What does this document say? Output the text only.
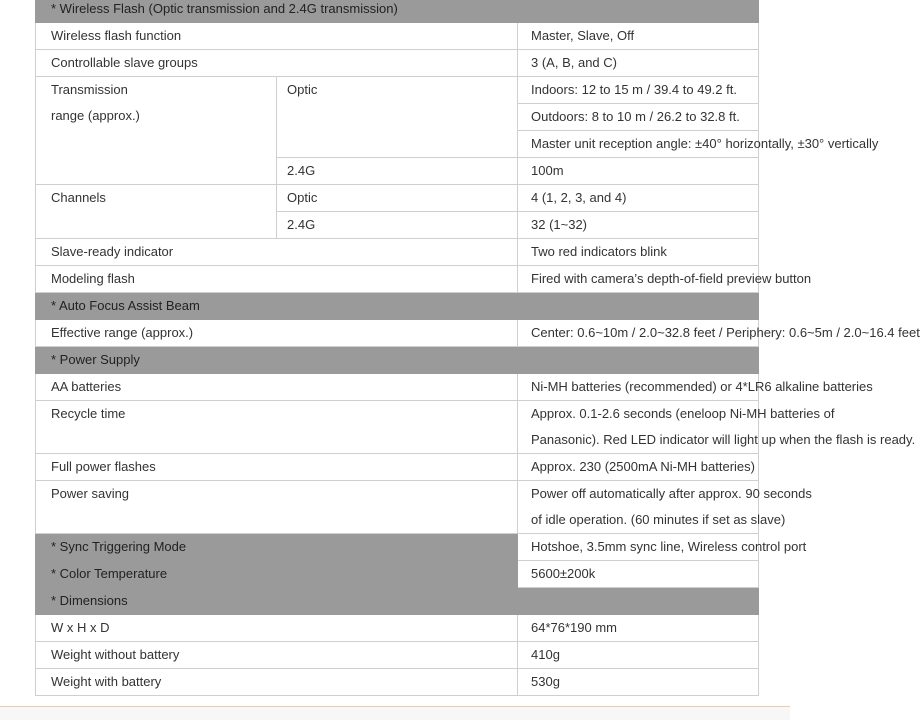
* Wireless Flash (Optic transmission and 2.4G transmission)		
Wireless flash function		Master, Slave, Off
Controllable slave groups		3 (A, B, and C)

Transmission
range (approx.)	Optic	Indoors: 12 to 15 m / 39.4 to 49.2 ft.
		Outdoors: 8 to 10 m / 26.2 to 32.8 ft.
		Master unit reception angle: ±40° horizontally, ±30° vertically
	2.4G	100m
Channels	Optic	4 (1, 2, 3, and 4)
	2.4G	32 (1~32)
Slave-ready indicator		Two red indicators blink
Modeling flash		Fired with camera’s depth-of-field preview button
* Auto Focus Assist Beam		
Effective range (approx.)		Center: 0.6~10m / 2.0~32.8 feet / Periphery: 0.6~5m / 2.0~16.4 feet
* Power Supply		
AA batteries		Ni-MH batteries (recommended) or 4*LR6 alkaline batteries
Recycle time		Approx. 0.1-2.6 seconds (eneloop Ni-MH batteries of
		Panasonic). Red LED indicator will light up when the flash is ready.
Full power flashes		Approx. 230 (2500mA Ni-MH batteries)
Power saving		Power off automatically after approx. 90 seconds
		of idle operation. (60 minutes if set as slave)
* Sync Triggering Mode		Hotshoe, 3.5mm sync line, Wireless control port
* Color Temperature		5600±200k
* Dimensions		
W x H x D		64*76*190 mm
Weight without battery		410g
Weight with battery		530g
